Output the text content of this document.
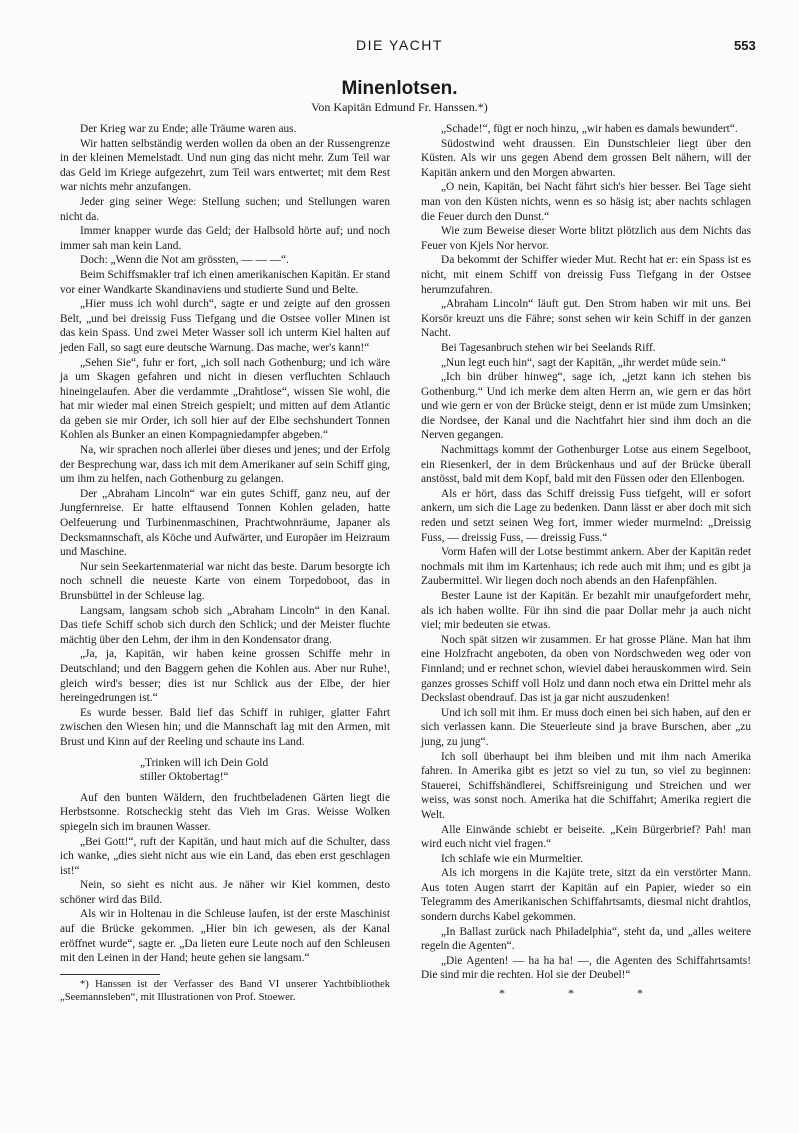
DIE YACHT	553
Minenlotsen.
Von Kapitän Edmund Fr. Hanssen.*)

Der Krieg war zu Ende; alle Träume waren aus.

Wir hatten selbständig werden wollen da oben an der Russengrenze in der kleinen Memelstadt. Und nun ging das nicht mehr. Zum Teil war das Geld im Kriege aufgezehrt, zum Teil wars entwertet; mit dem Rest war nichts mehr anzufangen.

Jeder ging seiner Wege: Stellung suchen; und Stellungen waren nicht da.

Immer knapper wurde das Geld; der Halbsold hörte auf; und noch immer sah man kein Land.

Doch: „Wenn die Not am grössten, — — —“.

Beim Schiffsmakler traf ich einen amerikanischen Kapitän. Er stand vor einer Wandkarte Skandinaviens und studierte Sund und Belte.

„Hier muss ich wohl durch“, sagte er und zeigte auf den grossen Belt, „und bei dreissig Fuss Tiefgang und die Ostsee voller Minen ist das kein Spass. Und zwei Meter Wasser soll ich unterm Kiel halten auf jeden Fall, so sagt eure deutsche Warnung. Das mache, wer's kann!“

„Sehen Sie“, fuhr er fort, „ich soll nach Gothenburg; und ich wäre ja um Skagen gefahren und nicht in diesen verfluchten Schlauch hineingelaufen. Aber die verdammte „Drahtlose“, wissen Sie wohl, die hat mir wieder mal einen Streich gespielt; und mitten auf dem Atlantic da geben sie mir Order, ich soll hier auf der Elbe sechshundert Tonnen Kohlen als Bunker an einen Kompagniedampfer abgeben.“

Na, wir sprachen noch allerlei über dieses und jenes; und der Erfolg der Besprechung war, dass ich mit dem Amerikaner auf sein Schiff ging, um ihm zu helfen, nach Gothenburg zu gelangen.

Der „Abraham Lincoln“ war ein gutes Schiff, ganz neu, auf der Jungfernreise. Er hatte elftausend Tonnen Kohlen geladen, hatte Oelfeuerung und Turbinenmaschinen, Prachtwohnräume, Japaner als Decksmannschaft, als Köche und Aufwärter, und Europäer im Heizraum und Maschine.

Nur sein Seekartenmaterial war nicht das beste. Darum besorgte ich noch schnell die neueste Karte von einem Torpedoboot, das in Brunsbüttel in der Schleuse lag.

Langsam, langsam schob sich „Abraham Lincoln“ in den Kanal. Das tiefe Schiff schob sich durch den Schlick; und der Meister fluchte mächtig über den Lehm, der ihm in den Kondensator drang.

„Ja, ja, Kapitän, wir haben keine grossen Schiffe mehr in Deutschland; und den Baggern gehen die Kohlen aus. Aber nur Ruhe!, gleich wird's besser; dies ist nur Schlick aus der Elbe, der hier hereingedrungen ist.“

Es wurde besser. Bald lief das Schiff in ruhiger, glatter Fahrt zwischen den Wiesen hin; und die Mannschaft lag mit den Armen, mit Brust und Kinn auf der Reeling und schaute ins Land.

„Trinken will ich Dein Gold
stiller Oktobertag!“

Auf den bunten Wäldern, den fruchtbeladenen Gärten liegt die Herbstsonne. Rotscheckig steht das Vieh im Gras. Weisse Wolken spiegeln sich im braunen Wasser.

„Bei Gott!“, ruft der Kapitän, und haut mich auf die Schulter, dass ich wanke, „dies sieht nicht aus wie ein Land, das eben erst geschlagen ist!“

Nein, so sieht es nicht aus. Je näher wir Kiel kommen, desto schöner wird das Bild.

Als wir in Holtenau in die Schleuse laufen, ist der erste Maschinist auf die Brücke gekommen. „Hier bin ich gewesen, als der Kanal eröffnet wurde“, sagte er. „Da lieten eure Leute noch auf den Schleusen mit den Leinen in der Hand; heute gehen sie langsam.“

*) Hanssen ist der Verfasser des Band VI unserer Yachtbibliothek „Seemannsleben“, mit Illustrationen von Prof. Stoewer.

„Schade!“, fügt er noch hinzu, „wir haben es damals bewundert“.

Südostwind weht draussen. Ein Dunstschleier liegt über den Küsten. Als wir uns gegen Abend dem grossen Belt nähern, will der Kapitän ankern und den Morgen abwarten.

„O nein, Kapitän, bei Nacht fährt sich's hier besser. Bei Tage sieht man von den Küsten nichts, wenn es so häsig ist; aber nachts schlagen die Feuer durch den Dunst.“

Wie zum Beweise dieser Worte blitzt plötzlich aus dem Nichts das Feuer von Kjels Nor hervor.

Da bekommt der Schiffer wieder Mut. Recht hat er: ein Spass ist es nicht, mit einem Schiff von dreissig Fuss Tiefgang in der Ostsee herumzufahren.

„Abraham Lincoln“ läuft gut. Den Strom haben wir mit uns. Bei Korsör kreuzt uns die Fähre; sonst sehen wir kein Schiff in der ganzen Nacht.

Bei Tagesanbruch stehen wir bei Seelands Riff.

„Nun legt euch hin“, sagt der Kapitän, „ihr werdet müde sein.“

„Ich bin drüber hinweg“, sage ich, „jetzt kann ich stehen bis Gothenburg.“ Und ich merke dem alten Herrn an, wie gern er das hört und wie gern er von der Brücke steigt, denn er ist müde zum Umsinken; die Nordsee, der Kanal und die Nachtfahrt hier sind ihm doch an die Nerven gegangen.

Nachmittags kommt der Gothenburger Lotse aus einem Segelboot, ein Riesenkerl, der in dem Brückenhaus und auf der Brücke überall anstösst, bald mit dem Kopf, bald mit den Füssen oder den Ellenbogen.

Als er hört, dass das Schiff dreissig Fuss tiefgeht, will er sofort ankern, um sich die Lage zu bedenken. Dann lässt er aber doch mit sich reden und setzt seinen Weg fort, immer wieder murmelnd: „Dreissig Fuss, — dreissig Fuss, — dreissig Fuss.“

Vorm Hafen will der Lotse bestimmt ankern. Aber der Kapitän redet nochmals mit ihm im Kartenhaus; ich rede auch mit ihm; und es gibt ja Zaubermittel. Wir liegen doch noch abends an den Hafenpfählen.

Bester Laune ist der Kapitän. Er bezahlt mir unaufgefordert mehr, als ich haben wollte. Für ihn sind die paar Dollar mehr ja auch nicht viel; mir bedeuten sie etwas.

Noch spät sitzen wir zusammen. Er hat grosse Pläne. Man hat ihm eine Holzfracht angeboten, da oben von Nordschweden weg oder von Finnland; und er rechnet schon, wieviel dabei herauskommen wird. Sein ganzes grosses Schiff voll Holz und dann noch etwa ein Drittel mehr als Deckslast obendrauf. Das ist ja gar nicht auszudenken!

Und ich soll mit ihm. Er muss doch einen bei sich haben, auf den er sich verlassen kann. Die Steuerleute sind ja brave Burschen, aber „zu jung, zu jung“.

Ich soll überhaupt bei ihm bleiben und mit ihm nach Amerika fahren. In Amerika gibt es jetzt so viel zu tun, so viel zu beginnen: Stauerei, Schiffshändlerei, Schiffsreinigung und Streichen und wer weiss, was sonst noch. Amerika hat die Schiffahrt; Amerika regiert die Welt.

Alle Einwände schiebt er beiseite. „Kein Bürgerbrief? Pah! man wird euch nicht viel fragen.“

Ich schlafe wie ein Murmeltier.

Als ich morgens in die Kajüte trete, sitzt da ein verstörter Mann. Aus toten Augen starrt der Kapitän auf ein Papier, wieder so ein Telegramm des Amerikanischen Schiffahrtsamts, diesmal nicht drahtlos, sondern durchs Kabel gekommen.

„In Ballast zurück nach Philadelphia“, steht da, und „alles weitere regeln die Agenten“.

„Die Agenten! — ha ha ha! —, die Agenten des Schiffahrtsamts! Die sind mir die rechten. Hol sie der Deubel!“

* * *
